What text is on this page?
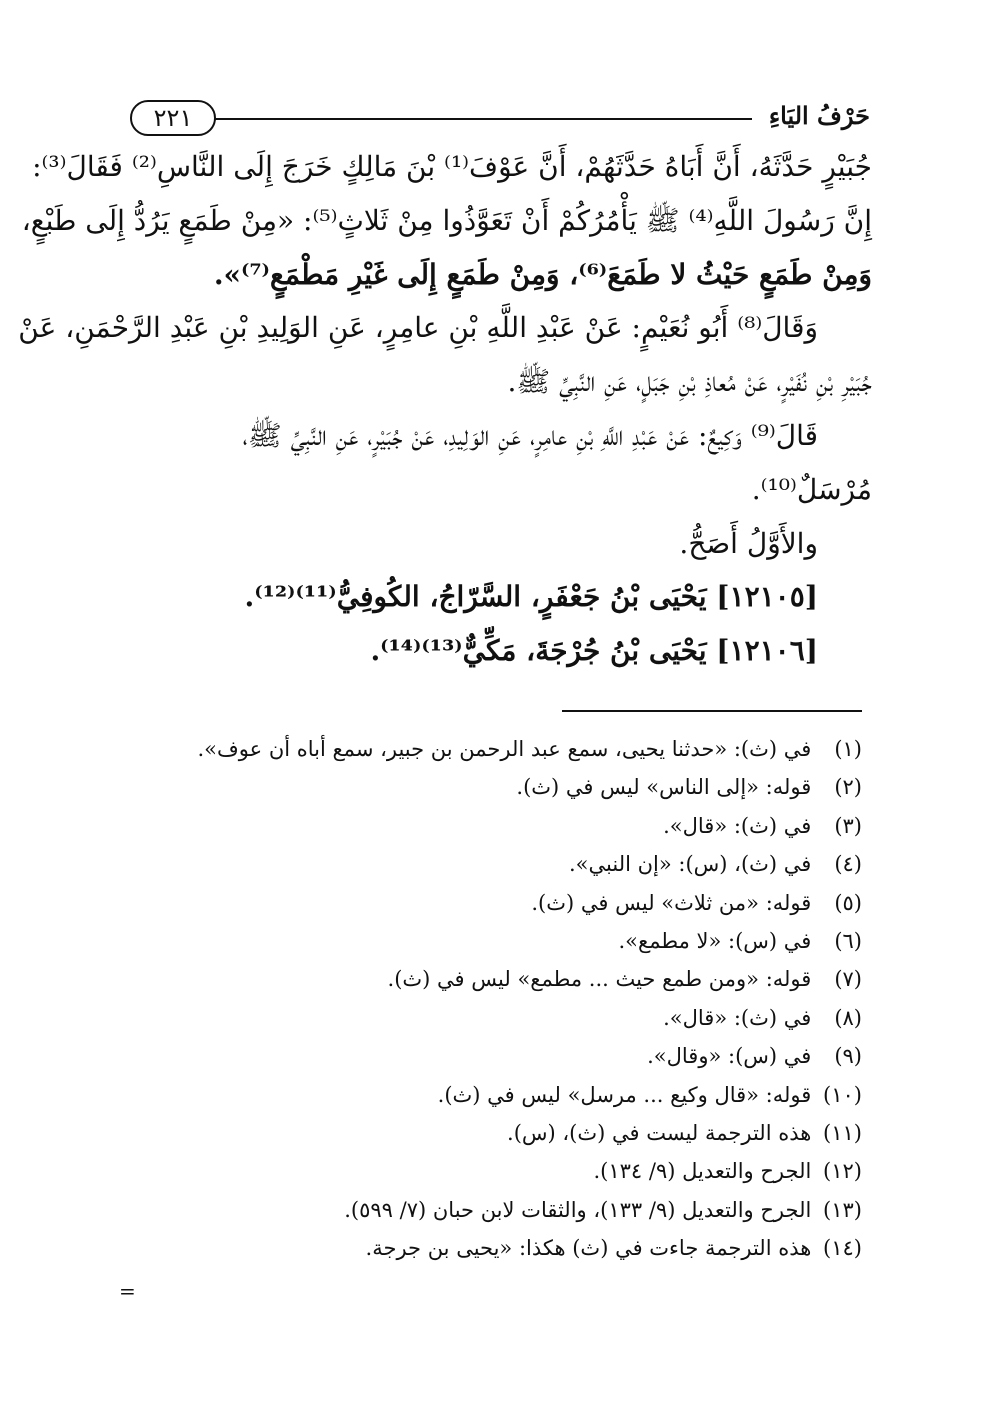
٢٢١	حَرْفُ اليَاءِ
جُبَيْرٍ حَدَّثَهُ، أَنَّ أَبَاهُ حَدَّثَهُمْ، أَنَّ عَوْفَ⁽¹⁾ بْنَ مَالِكٍ خَرَجَ إِلَى النَّاسِ⁽²⁾ فَقَالَ⁽³⁾:
إِنَّ رَسُولَ اللَّهِ⁽⁴⁾ ﷺ يَأْمُرُكُمْ أَنْ تَعَوَّذُوا مِنْ ثَلاثٍ⁽⁵⁾: «مِنْ طَمَعٍ يَرُدُّ إِلَى طَبْعٍ،
وَمِنْ طَمَعٍ حَيْثُ لا طَمَعَ⁽⁶⁾، وَمِنْ طَمَعٍ إِلَى غَيْرِ مَطْمَعٍ⁽⁷⁾».
وَقَالَ⁽⁸⁾ أَبُو نُعَيْمٍ: عَنْ عَبْدِ اللَّهِ بْنِ عامِرٍ، عَنِ الوَلِيدِ بْنِ عَبْدِ الرَّحْمَنِ، عَنْ
جُبَيْرِ بْنِ نُفَيْرٍ، عَنْ مُعاذِ بْنِ جَبَلٍ، عَنِ النَّبِيِّ ﷺ.
قَالَ⁽⁹⁾ وَكِيعٌ: عَنْ عَبْدِ اللَّهِ بْنِ عامِرٍ، عَنِ الوَلِيدِ، عَنْ جُبَيْرٍ، عَنِ النَّبِيِّ ﷺ،
مُرْسَلٌ⁽¹⁰⁾.
والأَوَّلُ أَصَحُّ.
[١٢١٠٥] يَحْيَى بْنُ جَعْفَرٍ، السَّرّاجُ، الكُوفِيُّ⁽¹¹⁾⁽¹²⁾.
[١٢١٠٦] يَحْيَى بْنُ جُرْجَةَ، مَكِّيٌّ⁽¹³⁾⁽¹⁴⁾.
(١) في (ث): «حدثنا يحيى، سمع عبد الرحمن بن جبير، سمع أباه أن عوف».
(٢) قوله: «إلى الناس» ليس في (ث).
(٣) في (ث): «قال».
(٤) في (ث)، (س): «إن النبي».
(٥) قوله: «من ثلاث» ليس في (ث).
(٦) في (س): «لا مطمع».
(٧) قوله: «ومن طمع حيث ... مطمع» ليس في (ث).
(٨) في (ث): «قال».
(٩) في (س): «وقال».
(١٠) قوله: «قال وكيع ... مرسل» ليس في (ث).
(١١) هذه الترجمة ليست في (ث)، (س).
(١٢) الجرح والتعديل (٩/ ١٣٤).
(١٣) الجرح والتعديل (٩/ ١٣٣)، والثقات لابن حبان (٧/ ٥٩٩).
(١٤) هذه الترجمة جاءت في (ث) هكذا: «يحيى بن جرجة.
=
